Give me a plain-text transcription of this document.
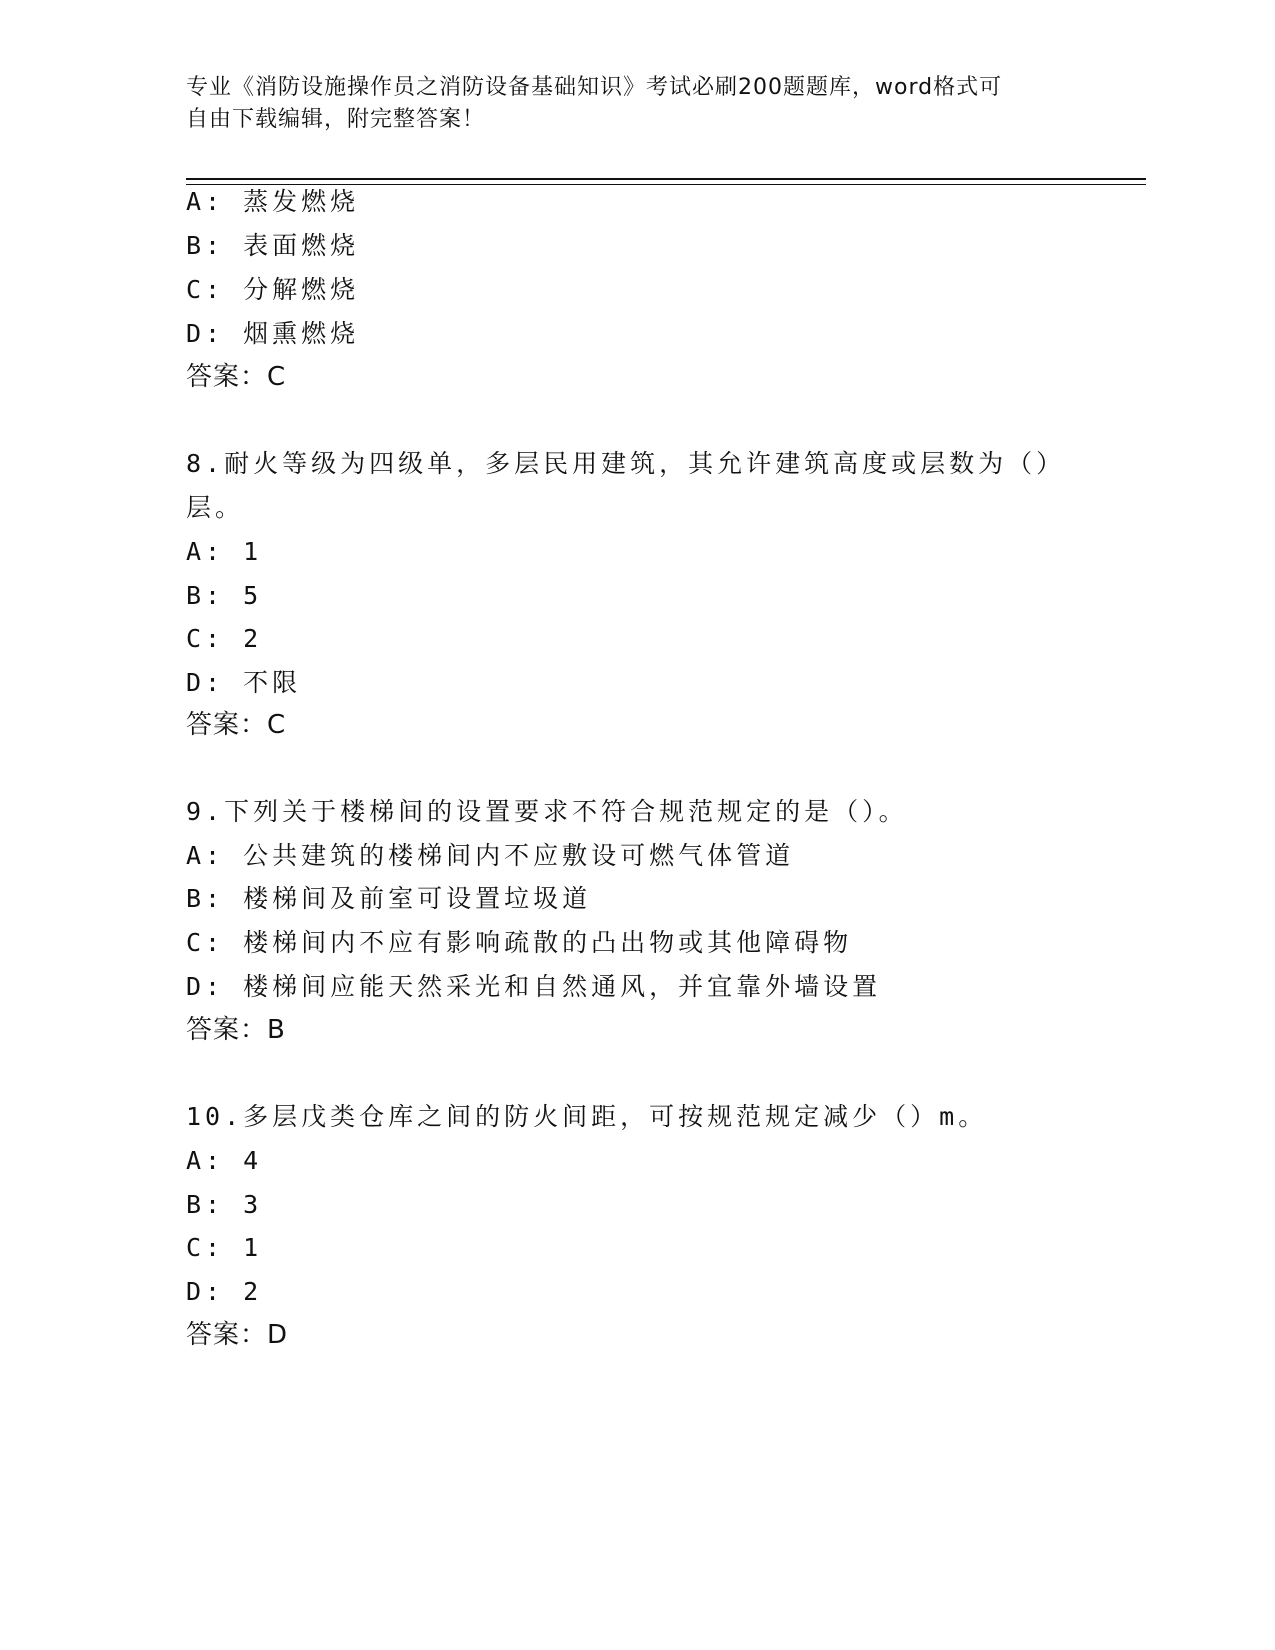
专业《消防设施操作员之消防设备基础知识》考试必刷200题题库，word格式可
自由下载编辑，附完整答案！
A: 蒸发燃烧
B: 表面燃烧
C: 分解燃烧
D: 烟熏燃烧
答案：C
8.耐火等级为四级单，多层民用建筑，其允许建筑高度或层数为（）
层。
A: 1
B: 5
C: 2
D: 不限
答案：C
9.下列关于楼梯间的设置要求不符合规范规定的是（）。
A: 公共建筑的楼梯间内不应敷设可燃气体管道
B: 楼梯间及前室可设置垃圾道
C: 楼梯间内不应有影响疏散的凸出物或其他障碍物
D: 楼梯间应能天然采光和自然通风，并宜靠外墙设置
答案：B
10.多层戊类仓库之间的防火间距，可按规范规定减少（）m。
A: 4
B: 3
C: 1
D: 2
答案：D
